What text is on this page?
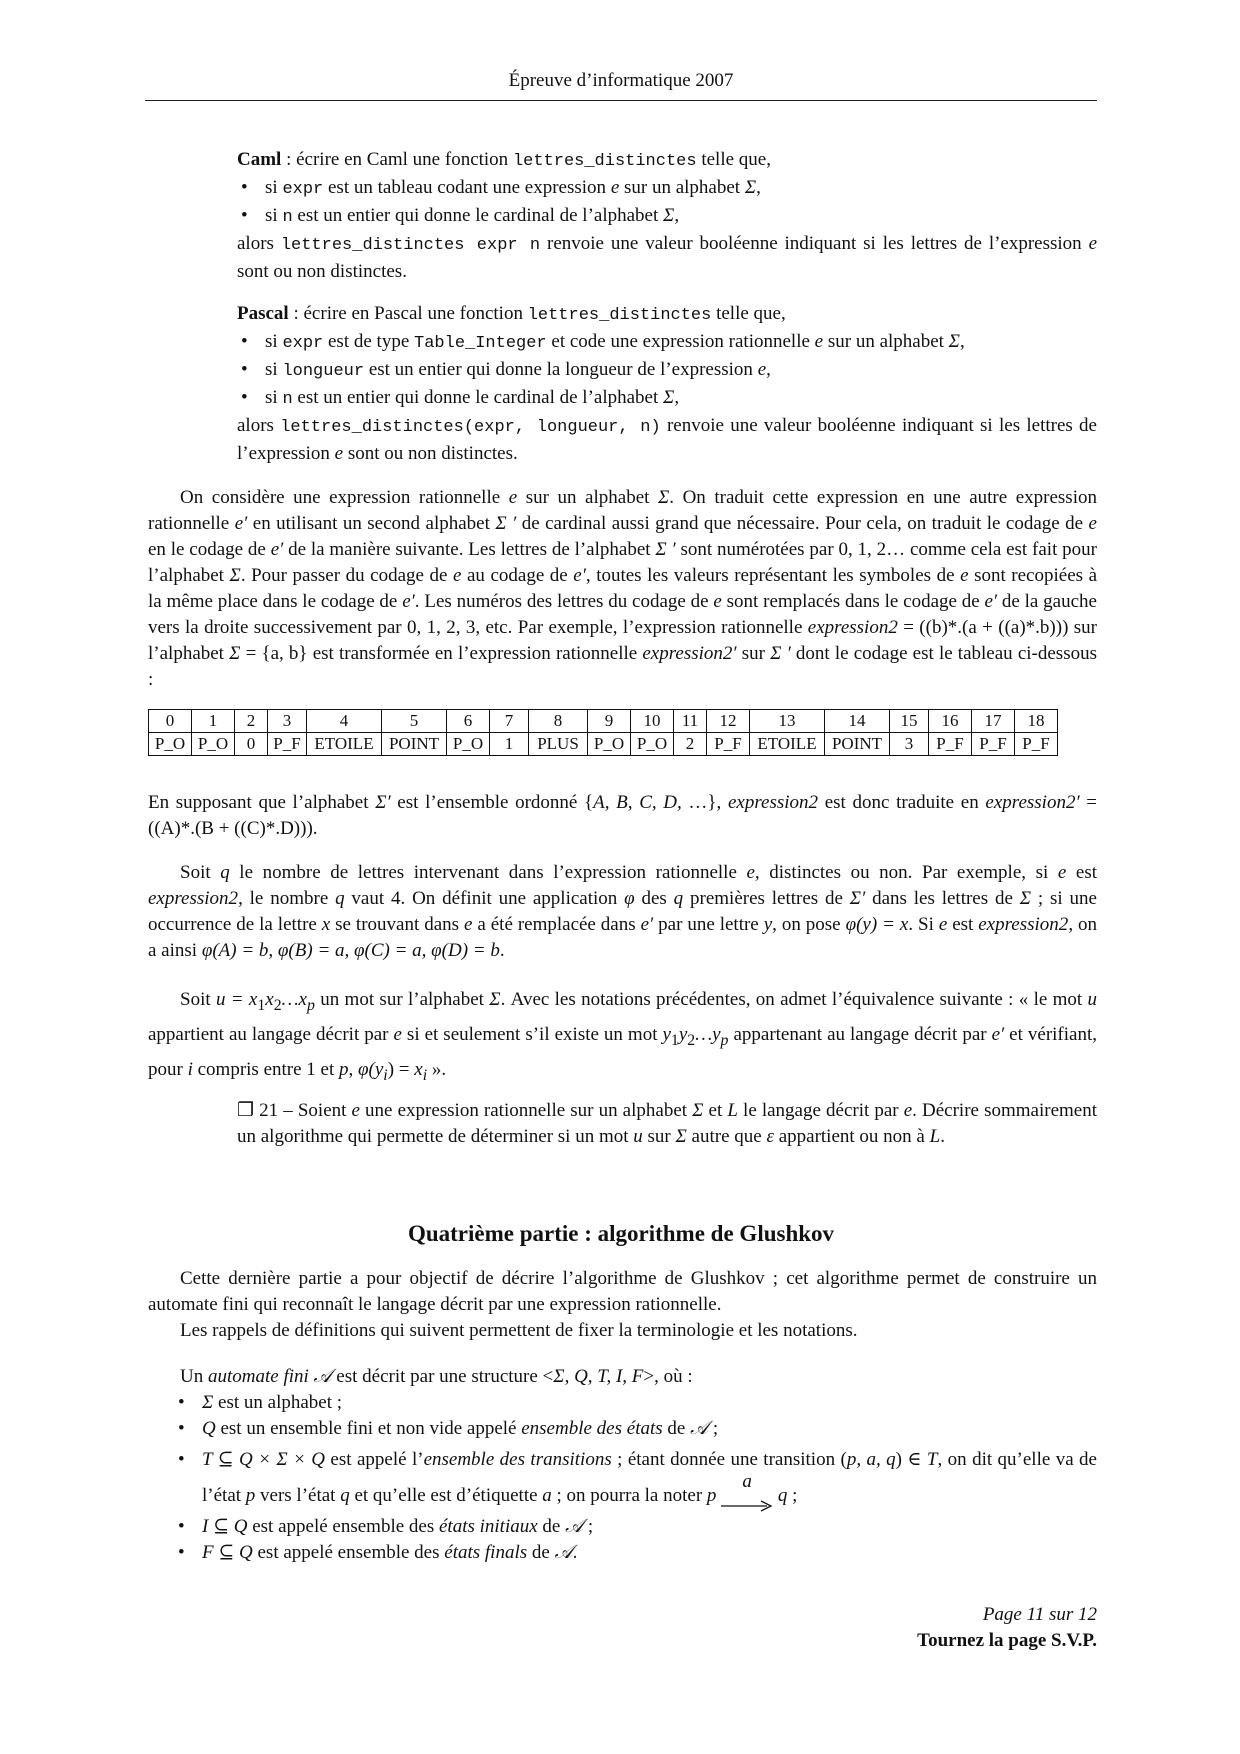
Épreuve d’informatique 2007

Caml : écrire en Caml une fonction lettres_distinctes telle que,

• si expr est un tableau codant une expression e sur un alphabet Σ,

• si n est un entier qui donne le cardinal de l’alphabet Σ,

alors lettres_distinctes expr n renvoie une valeur booléenne indiquant si les lettres de l’expression e sont ou non distinctes.

Pascal : écrire en Pascal une fonction lettres_distinctes telle que,

• si expr est de type Table_Integer et code une expression rationnelle e sur un alphabet Σ,

• si longueur est un entier qui donne la longueur de l’expression e,

• si n est un entier qui donne le cardinal de l’alphabet Σ,

alors lettres_distinctes(expr, longueur, n) renvoie une valeur booléenne indiquant si les lettres de l’expression e sont ou non distinctes.

On considère une expression rationnelle e sur un alphabet Σ. On traduit cette expression en une autre expression rationnelle e′ en utilisant un second alphabet Σ ′ de cardinal aussi grand que nécessaire. Pour cela, on traduit le codage de e en le codage de e′ de la manière suivante. Les lettres de l’alphabet Σ ′ sont numérotées par 0, 1, 2… comme cela est fait pour l’alphabet Σ. Pour passer du codage de e au codage de e′, toutes les valeurs représentant les symboles de e sont recopiées à la même place dans le codage de e′. Les numéros des lettres du codage de e sont remplacés dans le codage de e′ de la gauche vers la droite successivement par 0, 1, 2, 3, etc. Par exemple, l’expression rationnelle expression2 = ((b)*.(a + ((a)*.b))) sur l’alphabet Σ = {a, b} est transformée en l’expression rationnelle expression2′ sur Σ ′ dont le codage est le tableau ci-dessous :
0	1	2	3	4	5	6	7	8	9	10	11	12	13	14	15	16	17	18
P_O	P_O	0	P_F	ETOILE	POINT	P_O	1	PLUS	P_O	P_O	2	P_F	ETOILE	POINT	3	P_F	P_F	P_F
En supposant que l’alphabet Σ′ est l’ensemble ordonné {A, B, C, D, …}, expression2 est donc traduite en expression2′ = ((A)*.(B + ((C)*.D))).
Soit q le nombre de lettres intervenant dans l’expression rationnelle e, distinctes ou non. Par exemple, si e est expression2, le nombre q vaut 4. On définit une application φ des q premières lettres de Σ′ dans les lettres de Σ ; si une occurrence de la lettre x se trouvant dans e a été remplacée dans e′ par une lettre y, on pose φ(y) = x. Si e est expression2, on a ainsi φ(A) = b, φ(B) = a, φ(C) = a, φ(D) = b.
Soit $u = x_1x_2\dots x_p$ un mot sur l’alphabet Σ. Avec les notations précédentes, on admet l’équivalence suivante : « le mot u appartient au langage décrit par e si et seulement s’il existe un mot $y_1y_2\dots y_p$ appartenant au langage décrit par e′ et vérifiant, pour i compris entre 1 et p, $\varphi(y_i) = x_i$ ».
❐ 21 – Soient e une expression rationnelle sur un alphabet Σ et L le langage décrit par e. Décrire sommairement un algorithme qui permette de déterminer si un mot u sur Σ autre que ε appartient ou non à L.
Quatrième partie : algorithme de Glushkov

Cette dernière partie a pour objectif de décrire l’algorithme de Glushkov ; cet algorithme permet de construire un automate fini qui reconnaît le langage décrit par une expression rationnelle.

Les rappels de définitions qui suivent permettent de fixer la terminologie et les notations.

Un automate fini 𝒜 est décrit par une structure <Σ, Q, T, I, F>, où :

• Σ est un alphabet ;

• Q est un ensemble fini et non vide appelé ensemble des états de 𝒜 ;

• T ⊆ Q × Σ × Q est appelé l’ensemble des transitions ; étant donnée une transition (p, a, q) ∈ T, on dit qu’elle va de l’état p vers l’état q et qu’elle est d’étiquette a ; on pourra la noter p
a
q ;

• I ⊆ Q est appelé ensemble des états initiaux de 𝒜 ;

• F ⊆ Q est appelé ensemble des états finals de 𝒜.

Page 11 sur 12

Tournez la page S.V.P.
